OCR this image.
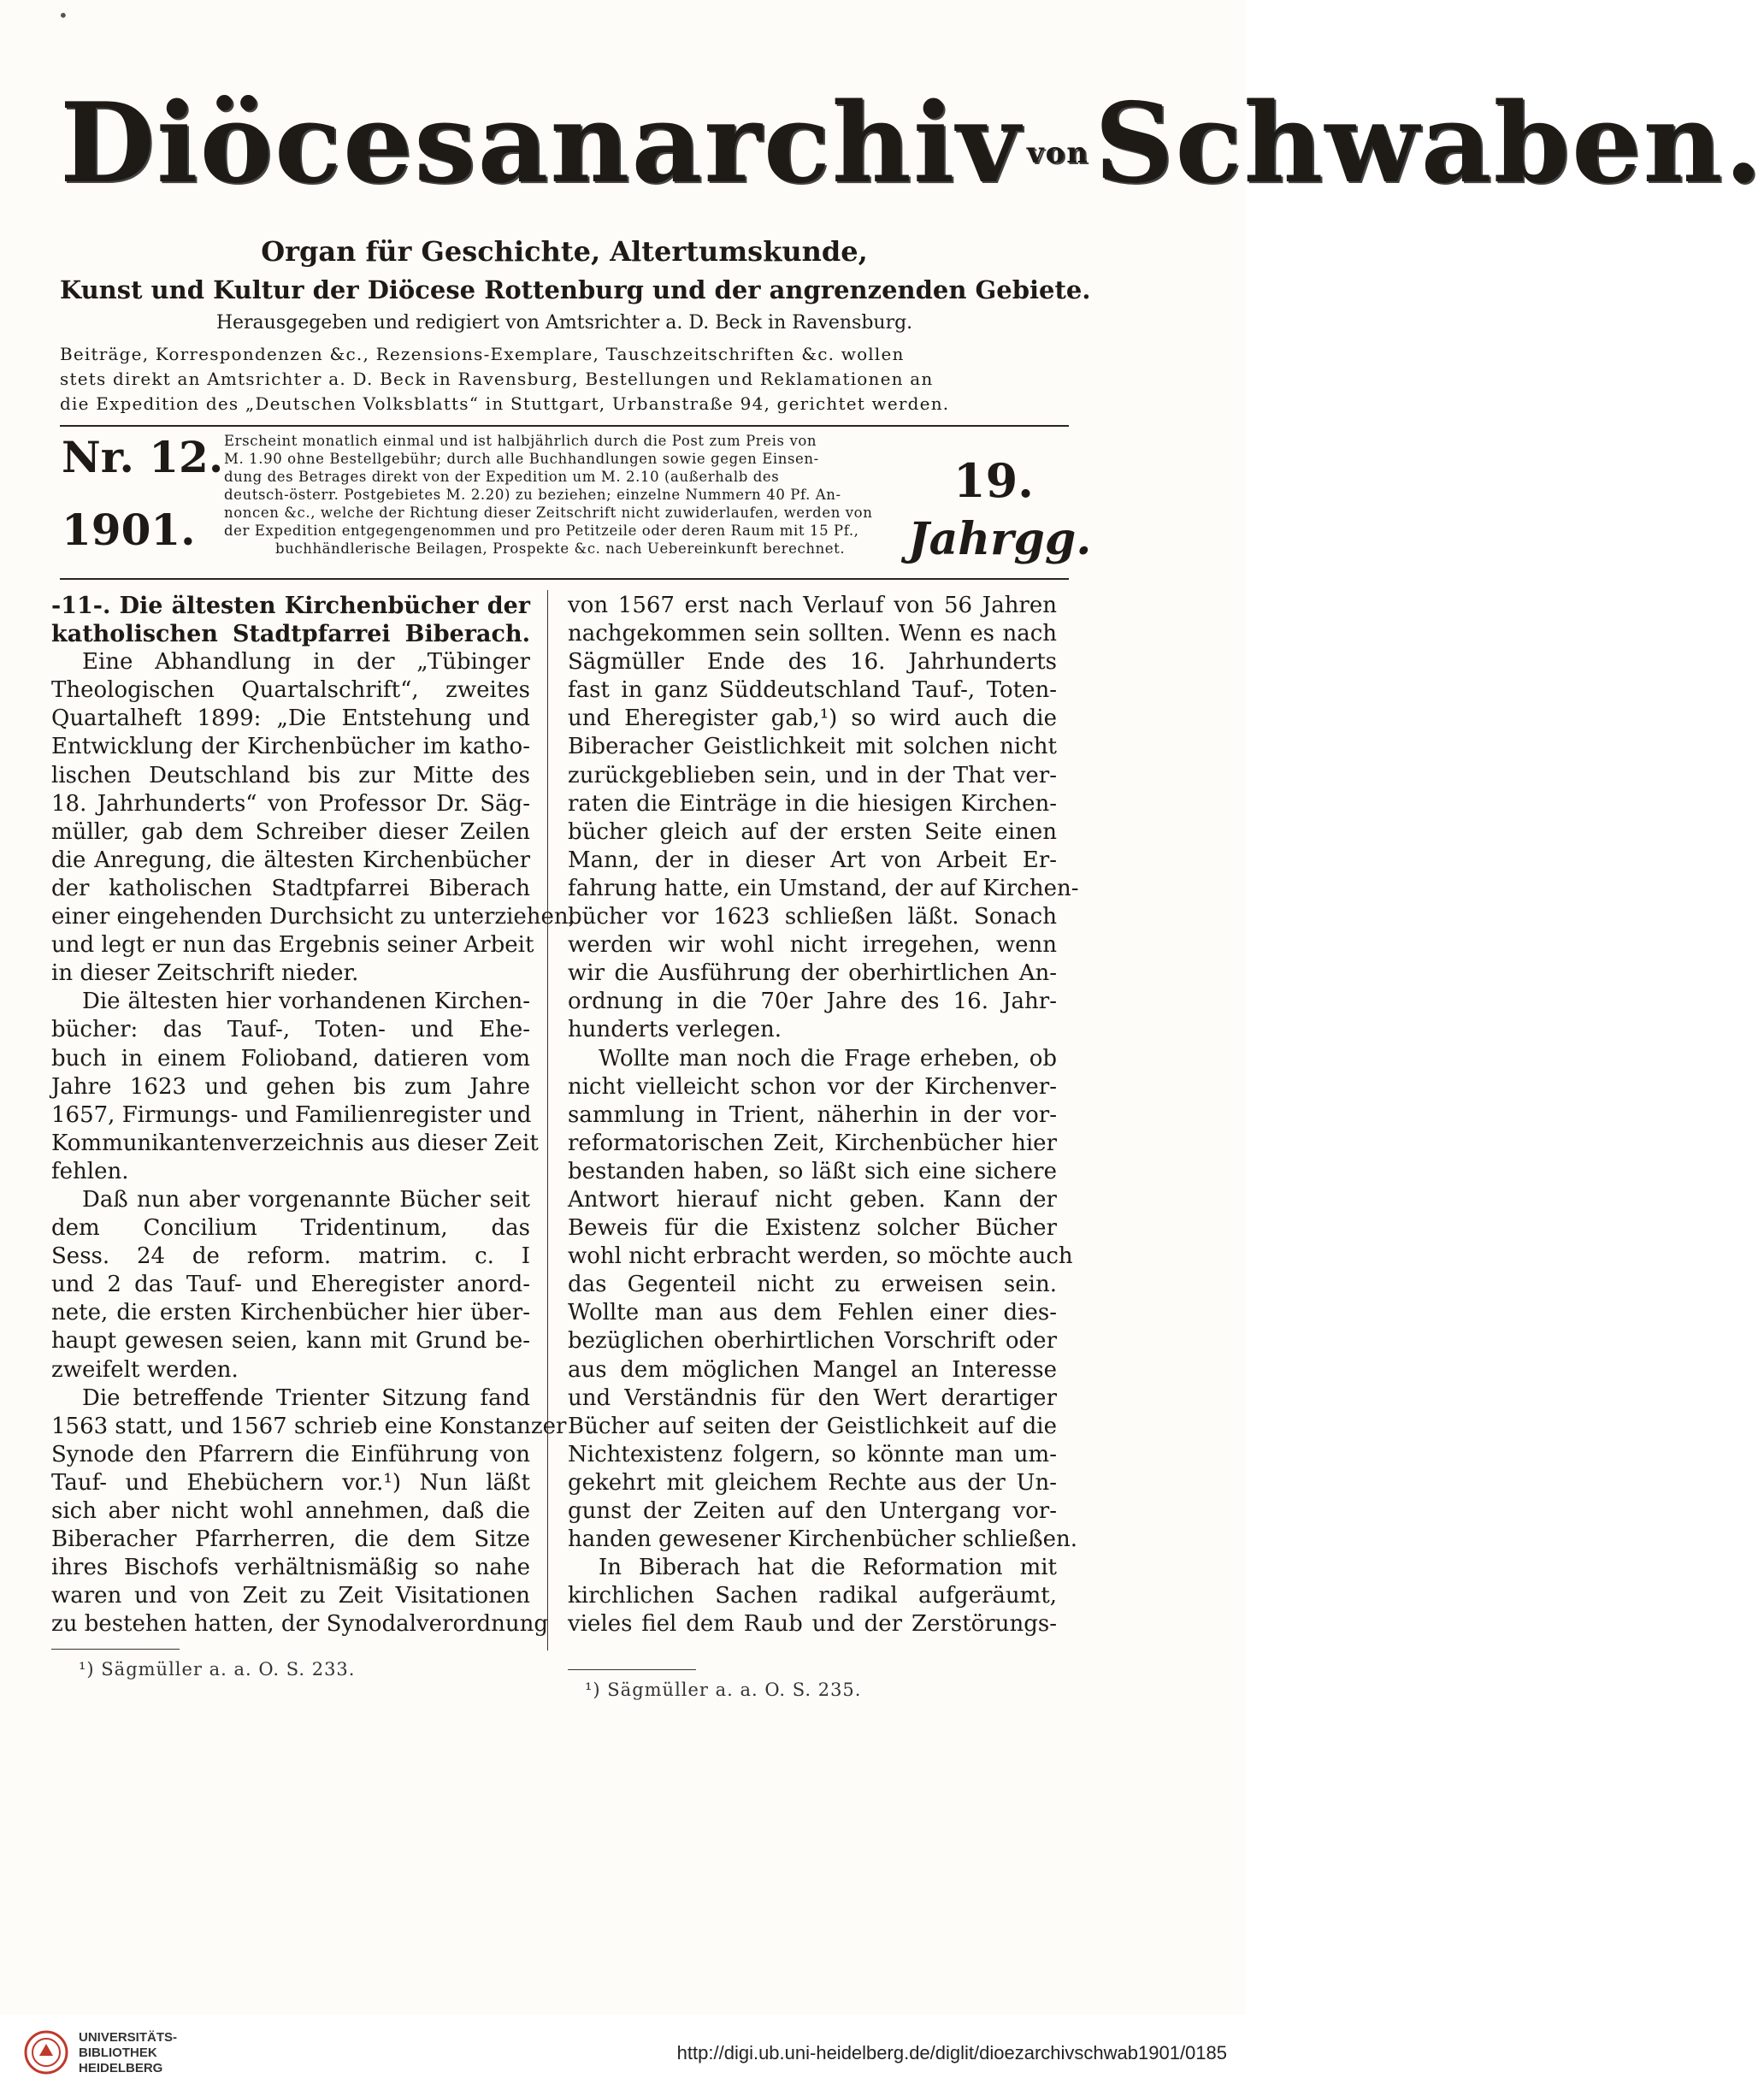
•
Diöcesanarchiv vonSchwaben.
Organ für Geschichte, Altertumskunde,
Kunst und Kultur der Diöcese Rottenburg und der angrenzenden Gebiete.
Herausgegeben und redigiert von Amtsrichter a. D. Beck in Ravensburg.
Beiträge, Korrespondenzen &c., Rezensions-Exemplare, Tauschzeitschriften &c. wollen
stets direkt an Amtsrichter a. D. Beck in Ravensburg, Bestellungen und Reklamationen an
die Expedition des „Deutschen Volksblatts“ in Stuttgart, Urbanstraße 94, gerichtet werden.
Nr. 12.
1901.
Erscheint monatlich einmal und ist halbjährlich durch die Post zum Preis von
M. 1.90 ohne Bestellgebühr; durch alle Buchhandlungen sowie gegen Einsen-
dung des Betrages direkt von der Expedition um M. 2.10 (außerhalb des
deutsch-österr. Postgebietes M. 2.20) zu beziehen; einzelne Nummern 40 Pf. An-
noncen &c., welche der Richtung dieser Zeitschrift nicht zuwiderlaufen, werden von
der Expedition entgegengenommen und pro Petitzeile oder deren Raum mit 15 Pf.,
buchhändlerische Beilagen, Prospekte &c. nach Uebereinkunft berechnet.
19.
Jahrgg.
-11-. Die ältesten Kirchenbücher der
katholischen Stadtpfarrei Biberach.
Eine Abhandlung in der „Tübinger
Theologischen Quartalschrift“, zweites
Quartalheft 1899: „Die Entstehung und
Entwicklung der Kirchenbücher im katho-
lischen Deutschland bis zur Mitte des
18. Jahrhunderts“ von Professor Dr. Säg-
müller, gab dem Schreiber dieser Zeilen
die Anregung, die ältesten Kirchenbücher
der katholischen Stadtpfarrei Biberach
einer eingehenden Durchsicht zu unterziehen,
und legt er nun das Ergebnis seiner Arbeit
in dieser Zeitschrift nieder.
Die ältesten hier vorhandenen Kirchen-
bücher: das Tauf-, Toten- und Ehe-
buch in einem Folioband, datieren vom
Jahre 1623 und gehen bis zum Jahre
1657, Firmungs- und Familienregister und
Kommunikantenverzeichnis aus dieser Zeit
fehlen.
Daß nun aber vorgenannte Bücher seit
dem Concilium Tridentinum, das
Sess. 24 de reform. matrim. c. I
und 2 das Tauf- und Eheregister anord-
nete, die ersten Kirchenbücher hier über-
haupt gewesen seien, kann mit Grund be-
zweifelt werden.
Die betreffende Trienter Sitzung fand
1563 statt, und 1567 schrieb eine Konstanzer
Synode den Pfarrern die Einführung von
Tauf- und Ehebüchern vor.¹) Nun läßt
sich aber nicht wohl annehmen, daß die
Biberacher Pfarrherren, die dem Sitze
ihres Bischofs verhältnismäßig so nahe
waren und von Zeit zu Zeit Visitationen
zu bestehen hatten, der Synodalverordnung
von 1567 erst nach Verlauf von 56 Jahren
nachgekommen sein sollten. Wenn es nach
Sägmüller Ende des 16. Jahrhunderts
fast in ganz Süddeutschland Tauf-, Toten-
und Eheregister gab,¹) so wird auch die
Biberacher Geistlichkeit mit solchen nicht
zurückgeblieben sein, und in der That ver-
raten die Einträge in die hiesigen Kirchen-
bücher gleich auf der ersten Seite einen
Mann, der in dieser Art von Arbeit Er-
fahrung hatte, ein Umstand, der auf Kirchen-
bücher vor 1623 schließen läßt. Sonach
werden wir wohl nicht irregehen, wenn
wir die Ausführung der oberhirtlichen An-
ordnung in die 70er Jahre des 16. Jahr-
hunderts verlegen.
Wollte man noch die Frage erheben, ob
nicht vielleicht schon vor der Kirchenver-
sammlung in Trient, näherhin in der vor-
reformatorischen Zeit, Kirchenbücher hier
bestanden haben, so läßt sich eine sichere
Antwort hierauf nicht geben. Kann der
Beweis für die Existenz solcher Bücher
wohl nicht erbracht werden, so möchte auch
das Gegenteil nicht zu erweisen sein.
Wollte man aus dem Fehlen einer dies-
bezüglichen oberhirtlichen Vorschrift oder
aus dem möglichen Mangel an Interesse
und Verständnis für den Wert derartiger
Bücher auf seiten der Geistlichkeit auf die
Nichtexistenz folgern, so könnte man um-
gekehrt mit gleichem Rechte aus der Un-
gunst der Zeiten auf den Untergang vor-
handen gewesener Kirchenbücher schließen.
In Biberach hat die Reformation mit
kirchlichen Sachen radikal aufgeräumt,
vieles fiel dem Raub und der Zerstörungs-
¹) Sägmüller a. a. O. S. 233.
¹) Sägmüller a. a. O. S. 235.
UNIVERSITÄTS-
BIBLIOTHEK
HEIDELBERG
http://digi.ub.uni-heidelberg.de/diglit/dioezarchivschwab1901/0185
